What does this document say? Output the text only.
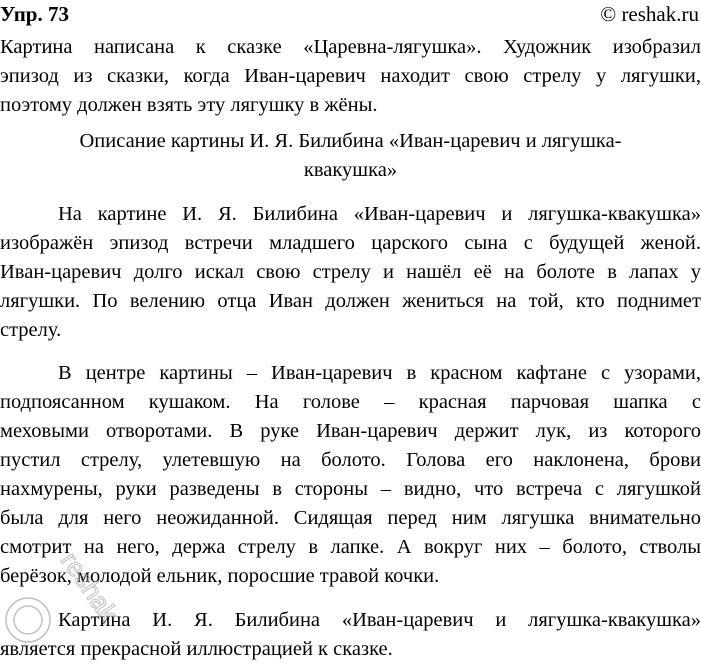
Упр. 73	© reshak.ru
Картина написана к сказке «Царевна-лягушка». Художник изобразил
эпизод из сказки, когда Иван-царевич находит свою стрелу у лягушки,
поэтому должен взять эту лягушку в жёны.
Описание картины И. Я. Билибина «Иван-царевич и лягушка-
квакушка»
На картине И. Я. Билибина «Иван-царевич и лягушка-квакушка»
изображён эпизод встречи младшего царского сына с будущей женой.
Иван-царевич долго искал свою стрелу и нашёл её на болоте в лапах у
лягушки. По велению отца Иван должен жениться на той, кто поднимет
стрелу.
В центре картины – Иван-царевич в красном кафтане с узорами,
подпоясанном кушаком. На голове – красная парчовая шапка с
меховыми отворотами. В руке Иван-царевич держит лук, из которого
пустил стрелу, улетевшую на болото. Голова его наклонена, брови
нахмурены, руки разведены в стороны – видно, что встреча с лягушкой
была для него неожиданной. Сидящая перед ним лягушка внимательно
смотрит на него, держа стрелу в лапке. А вокруг них – болото, стволы
берёзок, молодой ельник, поросшие травой кочки.
Картина И. Я. Билибина «Иван-царевич и лягушка-квакушка»
является прекрасной иллюстрацией к сказке.
reshak
